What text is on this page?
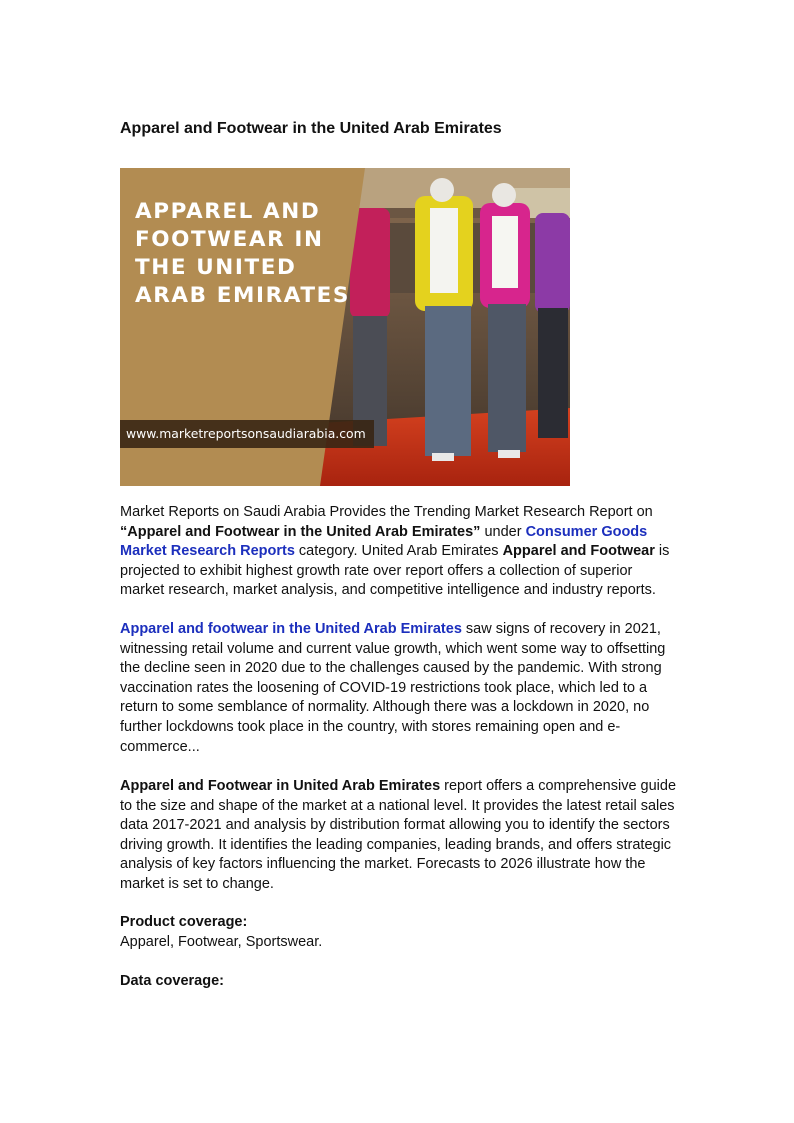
Apparel and Footwear in the United Arab Emirates
APPAREL AND
FOOTWEAR IN
THE UNITED
ARAB EMIRATES
www.marketreportsonsaudiarabia.com

Market Reports on Saudi Arabia Provides the Trending Market Research Report on “Apparel and Footwear in the United Arab Emirates” under Consumer Goods Market Research Reports category. United Arab Emirates Apparel and Footwear is projected to exhibit highest growth rate over report offers a collection of superior market research, market analysis, and competitive intelligence and industry reports.

Apparel and footwear in the United Arab Emirates saw signs of recovery in 2021, witnessing retail volume and current value growth, which went some way to offsetting the decline seen in 2020 due to the challenges caused by the pandemic. With strong vaccination rates the loosening of COVID-19 restrictions took place, which led to a return to some semblance of normality. Although there was a lockdown in 2020, no further lockdowns took place in the country, with stores remaining open and e-commerce...

Apparel and Footwear in United Arab Emirates report offers a comprehensive guide to the size and shape of the market at a national level. It provides the latest retail sales data 2017-2021 and analysis by distribution format allowing you to identify the sectors driving growth. It identifies the leading companies, leading brands, and offers strategic analysis of key factors influencing the market. Forecasts to 2026 illustrate how the market is set to change.

Product coverage:
Apparel, Footwear, Sportswear.

Data coverage:
